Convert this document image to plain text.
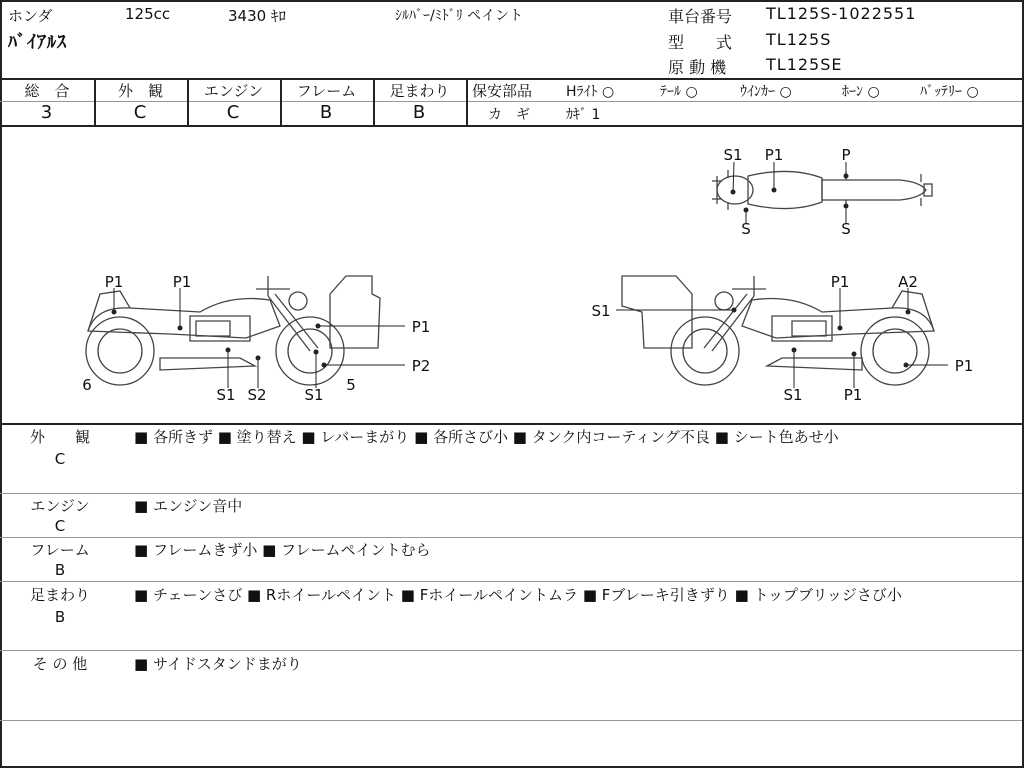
ホンダ	125cc	3430 ｷﾛ	ｼﾙﾊﾞｰ/ﾐﾄﾞﾘ ペイント
ﾊﾞｲｱﾙｽ
車台番号 TL125S-1022551
型　　式 TL125S
原 動 機 TL125SE
総　合
3
外　観
C
エンジン
C
フレーム
B
足まわり
B
保安部品 Hﾗｲﾄ ○	ﾃｰﾙ ○	ｳｲﾝｶｰ ○	ﾎｰﾝ ○	ﾊﾞｯﾃﾘｰ ○
カ　ギ	ｶｷﾞ 1
S1 P1	P
S	S
P1	P1
P1
P2
6
S1 S2	S1
5
S1
P1	A2
P1
S1	P1
外　　観
C
■ 各所きず ■ 塗り替え ■ レバーまがり ■ 各所さび小 ■ タンク内コーティング不良 ■ シート色あせ小
エンジン
C
■ エンジン音中
フレーム
B
■ フレームきず小 ■ フレームペイントむら
足まわり
B
■ チェーンさび ■ Rホイールペイント ■ Fホイールペイントムラ ■ Fブレーキ引きずり ■ トップブリッジさび小
そ の 他	■ サイドスタンドまがり
